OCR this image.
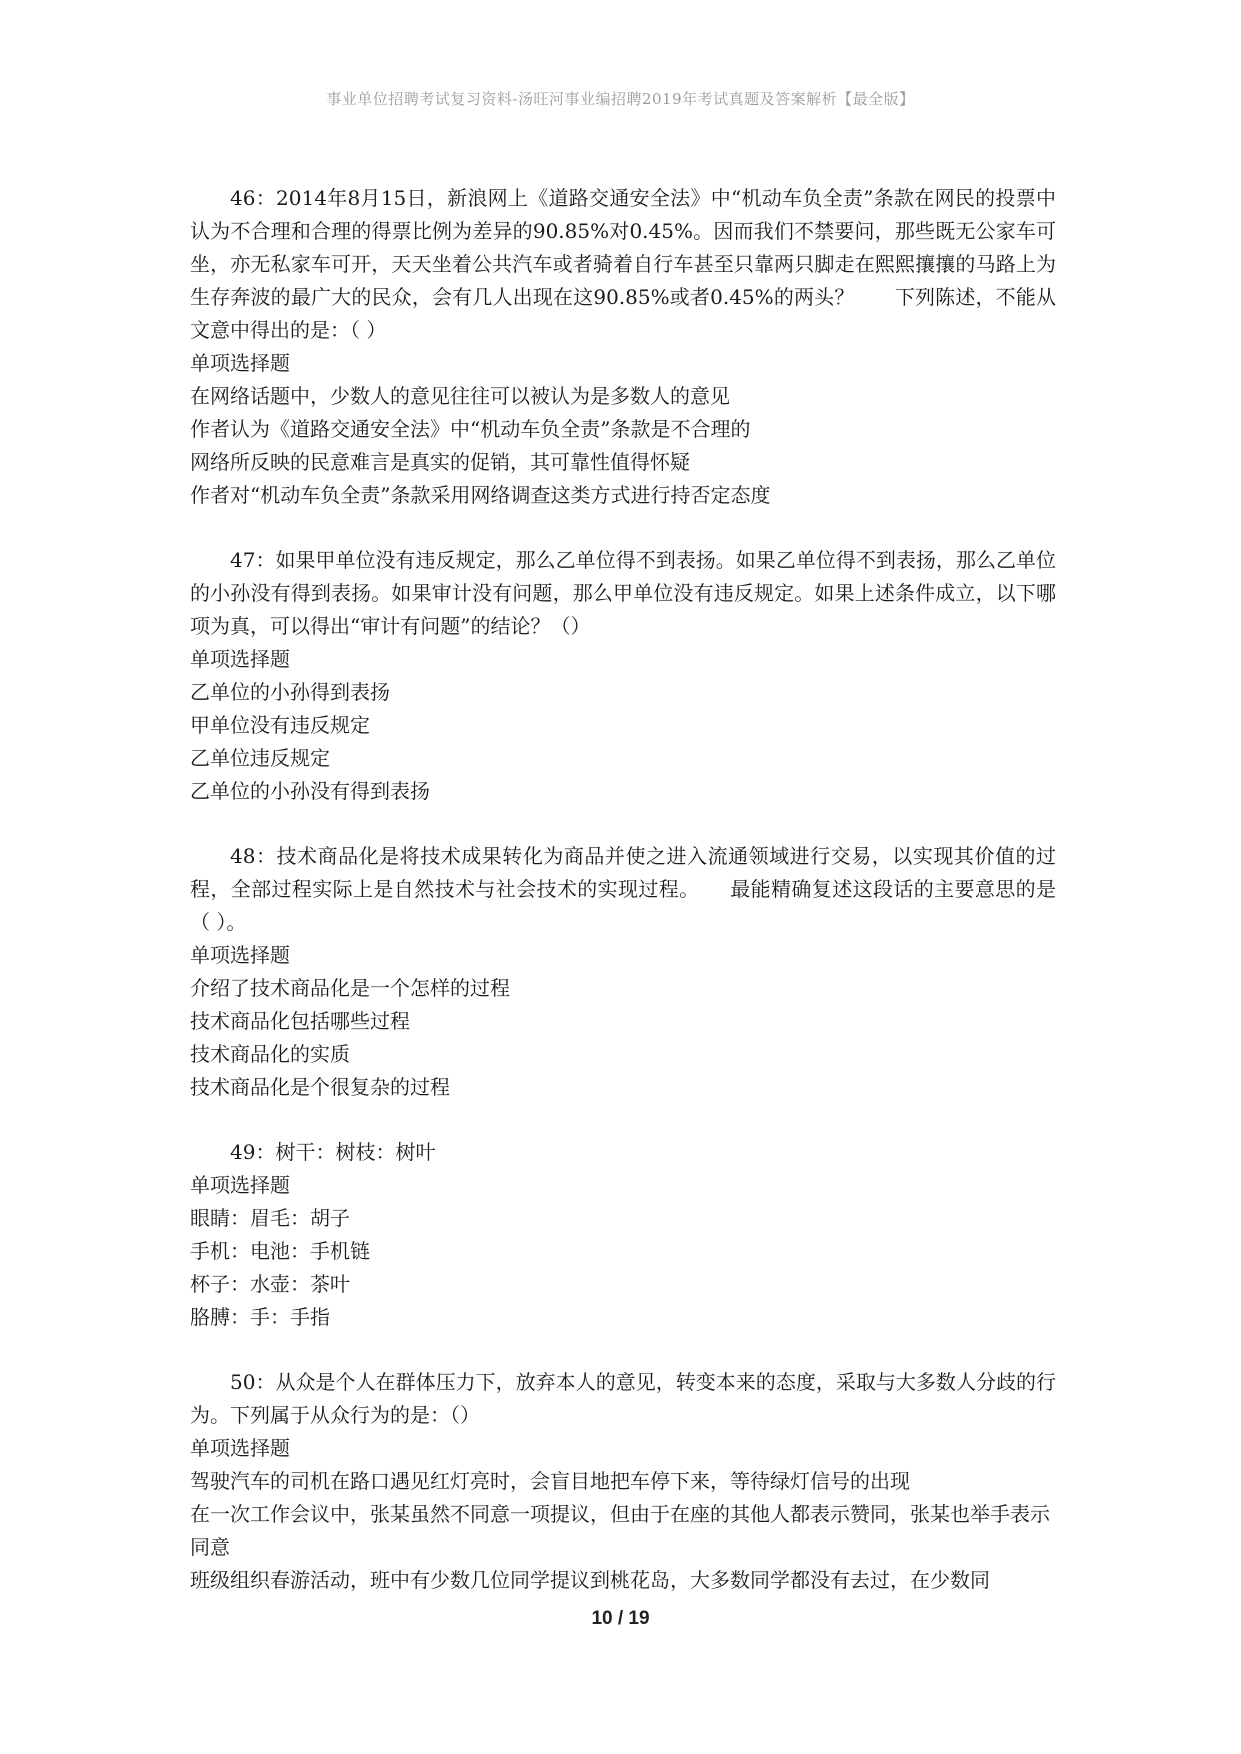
事业单位招聘考试复习资料-汤旺河事业编招聘2019年考试真题及答案解析【最全版】

46：2014年8月15日，新浪网上《道路交通安全法》中“机动车负全责”条款在网民的投票中认为不合理和合理的得票比例为差异的90.85%对0.45%。因而我们不禁要问，那些既无公家车可坐，亦无私家车可开，天天坐着公共汽车或者骑着自行车甚至只靠两只脚走在熙熙攘攘的马路上为生存奔波的最广大的民众，会有几人出现在这90.85%或者0.45%的两头？　　下列陈述，不能从文意中得出的是：（ ）

单项选择题

在网络话题中，少数人的意见往往可以被认为是多数人的意见

作者认为《道路交通安全法》中“机动车负全责”条款是不合理的

网络所反映的民意难言是真实的促销，其可靠性值得怀疑

作者对“机动车负全责”条款采用网络调查这类方式进行持否定态度

47：如果甲单位没有违反规定，那么乙单位得不到表扬。如果乙单位得不到表扬，那么乙单位的小孙没有得到表扬。如果审计没有问题，那么甲单位没有违反规定。如果上述条件成立，以下哪项为真，可以得出“审计有问题”的结论？（）

单项选择题

乙单位的小孙得到表扬

甲单位没有违反规定

乙单位违反规定

乙单位的小孙没有得到表扬

48：技术商品化是将技术成果转化为商品并使之进入流通领域进行交易，以实现其价值的过程，全部过程实际上是自然技术与社会技术的实现过程。　　最能精确复述这段话的主要意思的是（ ）。

单项选择题

介绍了技术商品化是一个怎样的过程

技术商品化包括哪些过程

技术商品化的实质

技术商品化是个很复杂的过程

49：树干：树枝：树叶

单项选择题

眼睛：眉毛：胡子

手机：电池：手机链

杯子：水壶：茶叶

胳膊：手：手指

50：从众是个人在群体压力下，放弃本人的意见，转变本来的态度，采取与大多数人分歧的行为。下列属于从众行为的是：（）

单项选择题

驾驶汽车的司机在路口遇见红灯亮时，会盲目地把车停下来，等待绿灯信号的出现

在一次工作会议中，张某虽然不同意一项提议，但由于在座的其他人都表示赞同，张某也举手表示同意

班级组织春游活动，班中有少数几位同学提议到桃花岛，大多数同学都没有去过，在少数同

10 / 19
